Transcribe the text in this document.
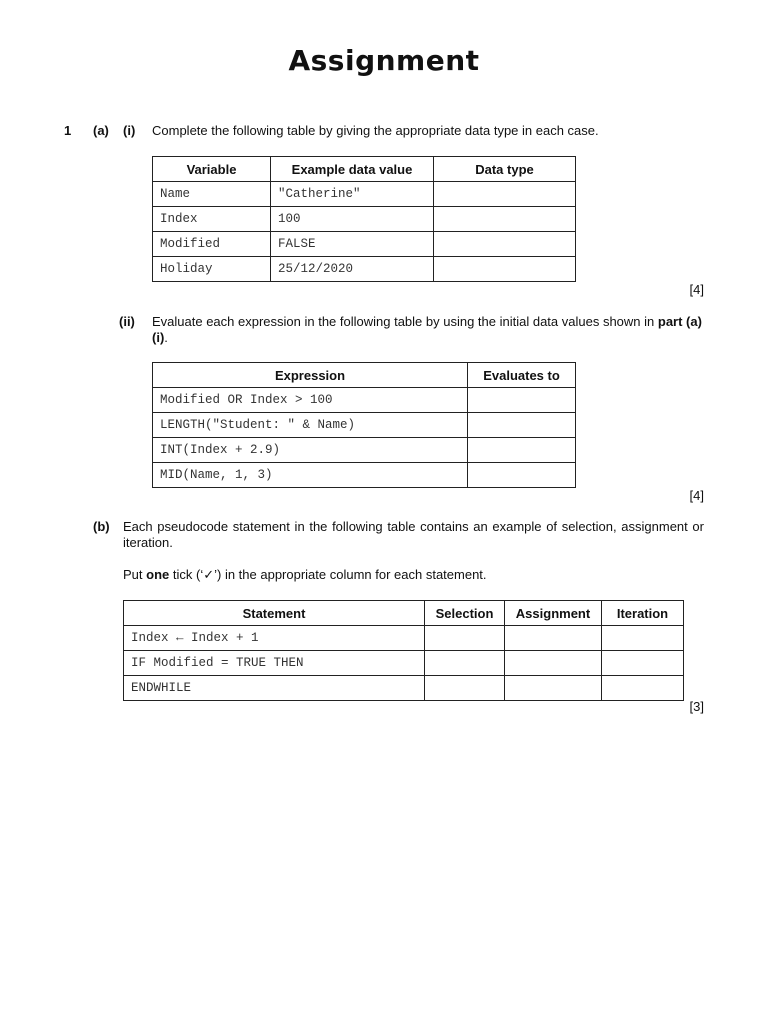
Assignment
1 (a) (i) Complete the following table by giving the appropriate data type in each case.
Variable	Example data value	Data type
Name	"Catherine"	
Index	100	
Modified	FALSE	
Holiday	25/12/2020	
[4]
(ii) Evaluate each expression in the following table by using the initial data values shown in part (a)(i).
Expression	Evaluates to
Modified OR Index > 100	
LENGTH("Student: " & Name)	
INT(Index + 2.9)	
MID(Name, 1, 3)	
[4]
(b) Each pseudocode statement in the following table contains an example of selection, assignment or iteration.
Put one tick (‘✓’) in the appropriate column for each statement.
Statement	Selection	Assignment	Iteration
Index ← Index + 1			
IF Modified = TRUE THEN			
ENDWHILE			
[3]
